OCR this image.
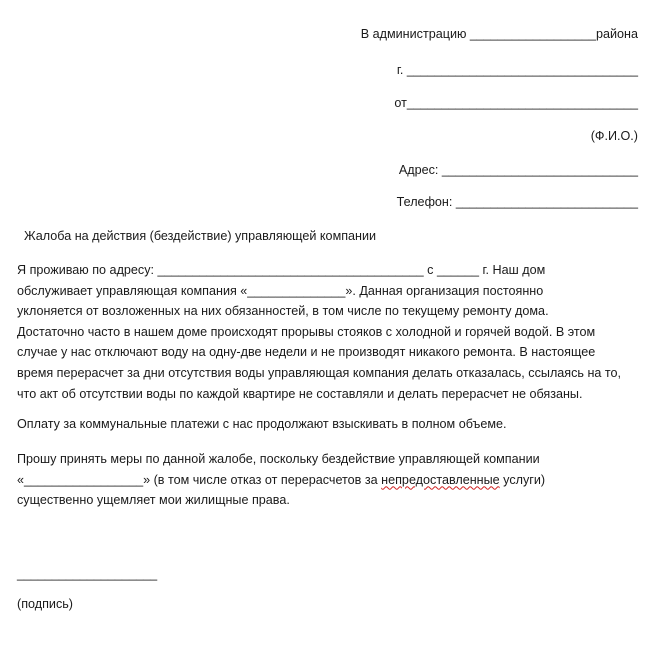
В администрацию __________________района
г. _________________________________
от_________________________________
(Ф.И.О.)
Адрес: ____________________________
Телефон: __________________________
Жалоба на действия (бездействие) управляющей компании
Я проживаю по адресу: ______________________________________ с ______ г. Наш дом
обслуживает управляющая компания «______________». Данная организация постоянно
уклоняется от возложенных на них обязанностей, в том числе по текущему ремонту дома.
Достаточно часто в нашем доме происходят прорывы стояков с холодной и горячей водой. В этом
случае у нас отключают воду на одну-две недели и не производят никакого ремонта. В настоящее
время перерасчет за дни отсутствия воды управляющая компания делать отказалась, ссылаясь на то,
что акт об отсутствии воды по каждой квартире не составляли и делать перерасчет не обязаны.
Оплату за коммунальные платежи с нас продолжают взыскивать в полном объеме.
Прошу принять меры по данной жалобе, поскольку бездействие управляющей компании
«_________________» (в том числе отказ от перерасчетов за непредоставленные услуги)
существенно ущемляет мои жилищные права.
____________________
(подпись)
